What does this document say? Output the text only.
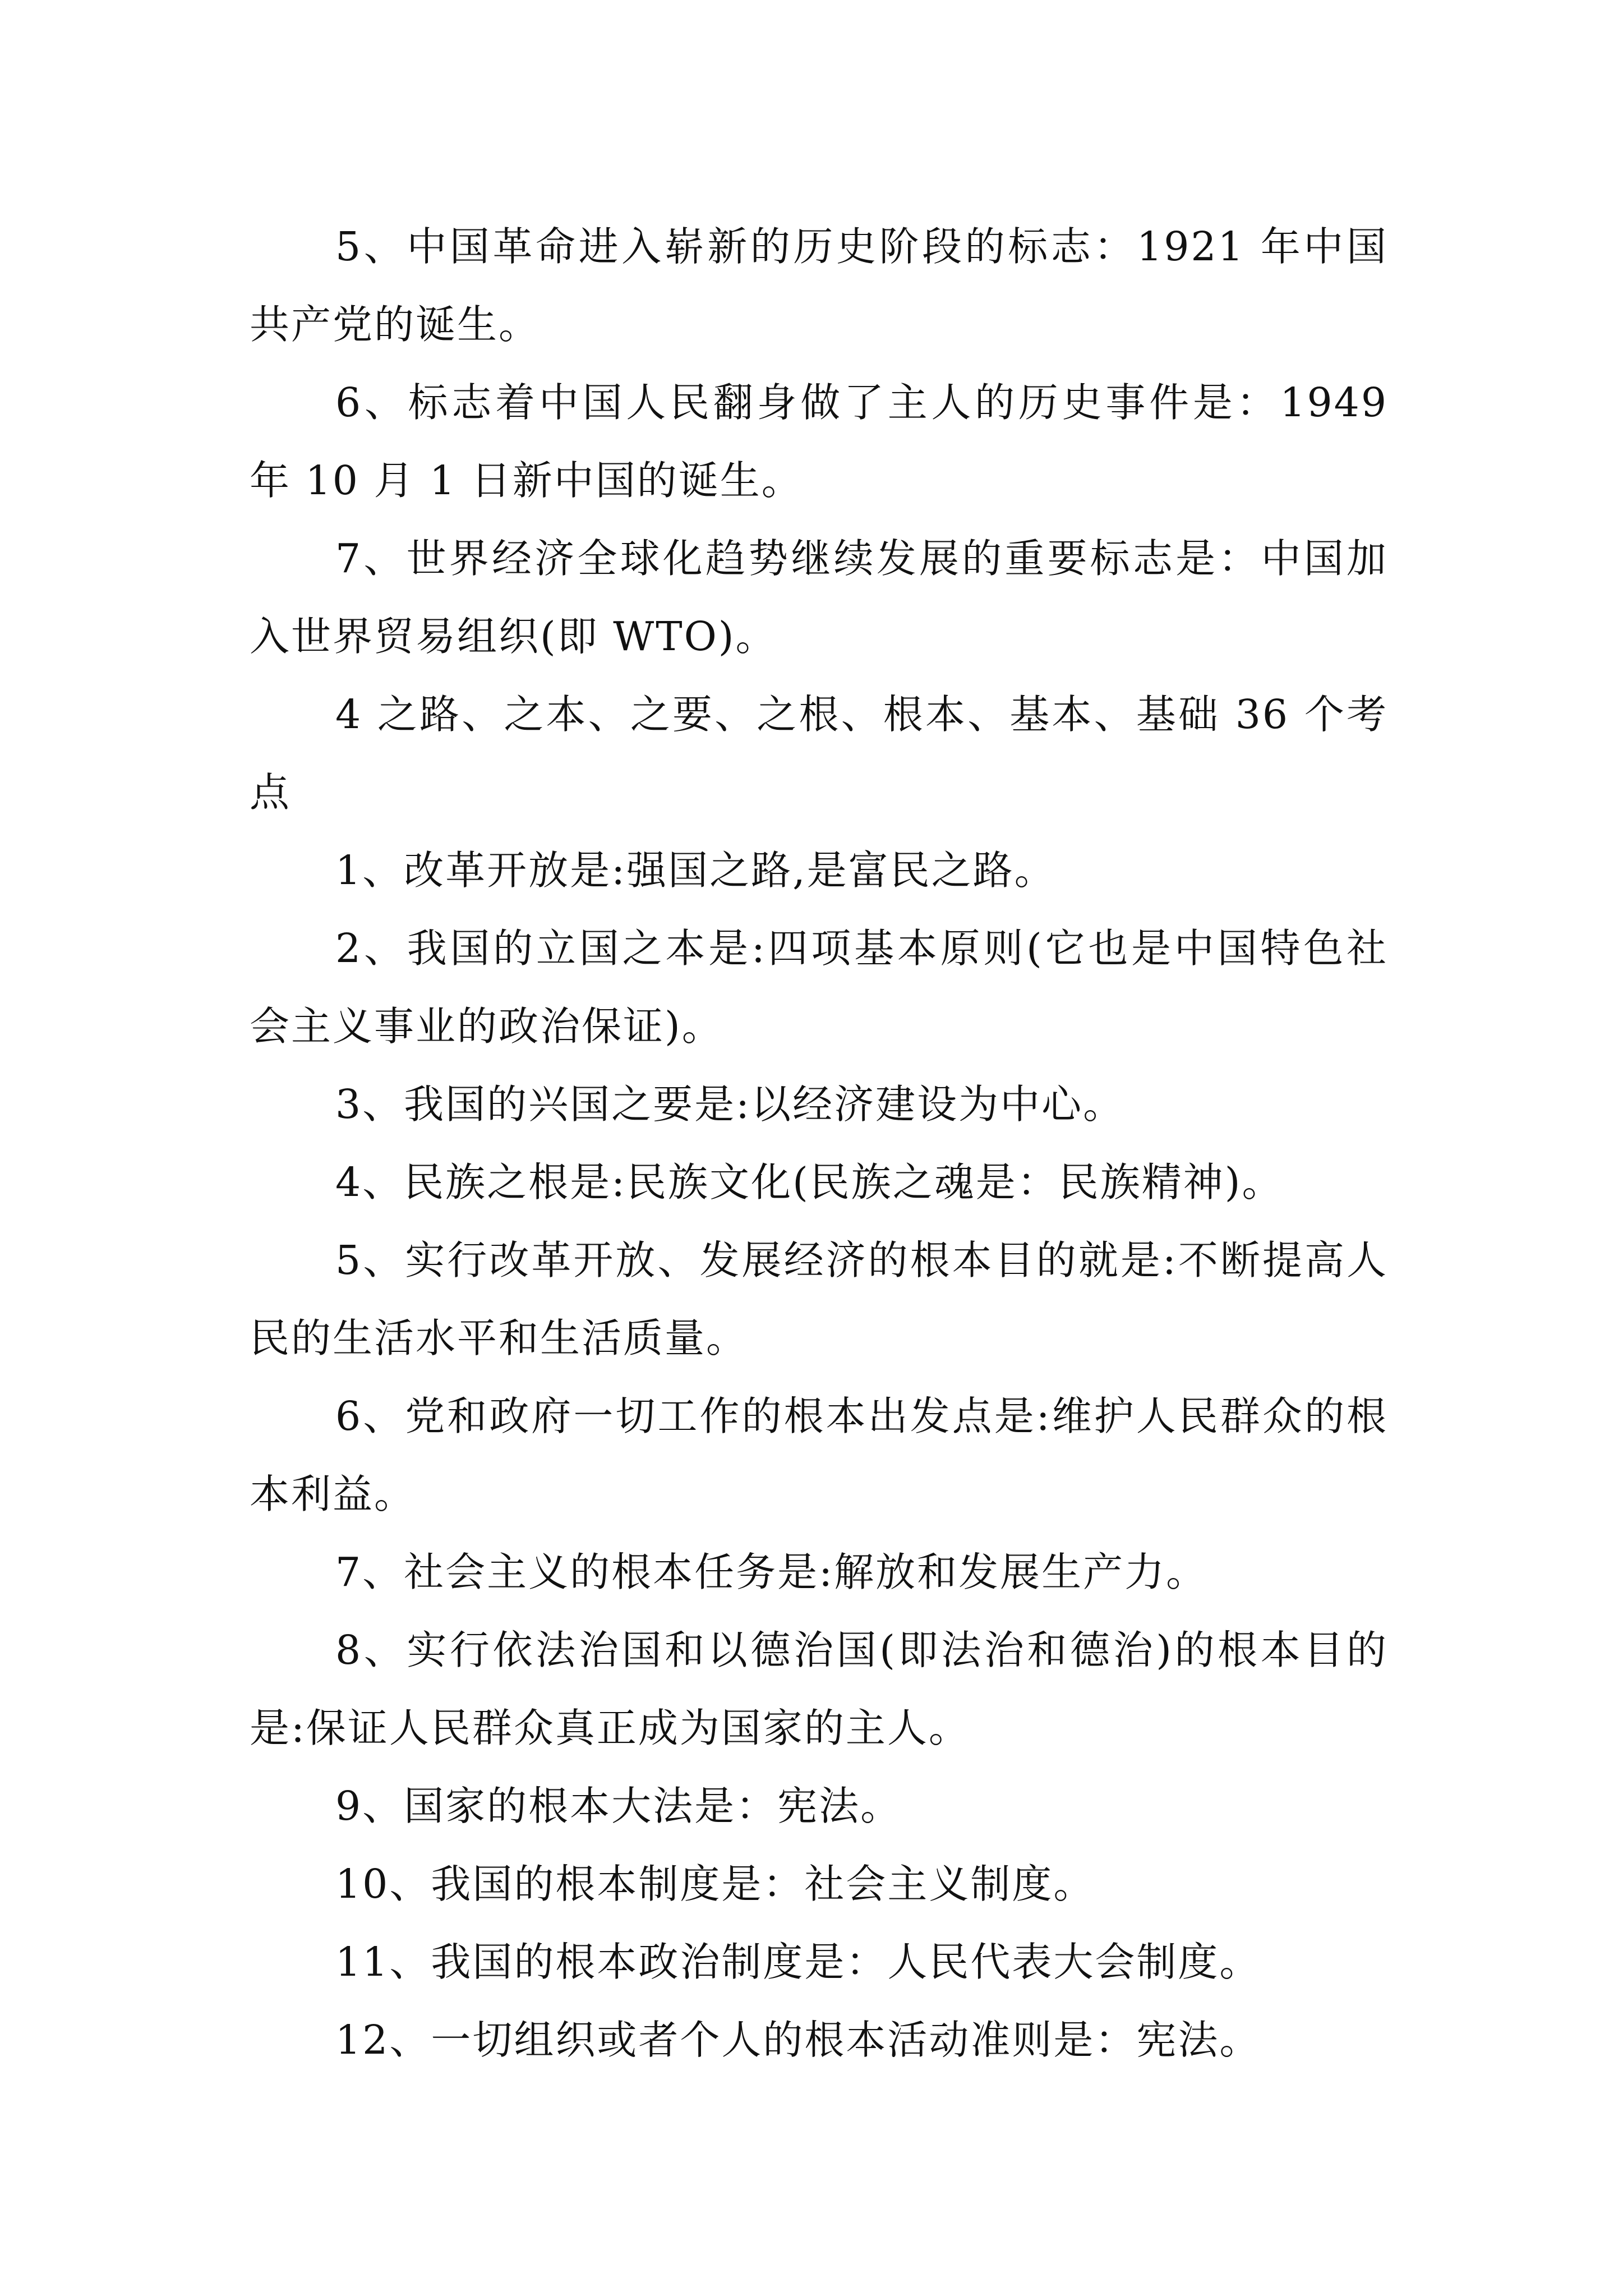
5、中国革命进入崭新的历史阶段的标志：1921 年中国共产党的诞生。

6、标志着中国人民翻身做了主人的历史事件是：1949 年 10 月 1 日新中国的诞生。

7、世界经济全球化趋势继续发展的重要标志是：中国加入世界贸易组织(即 WTO)。

4 之路、之本、之要、之根、根本、基本、基础 36 个考点

1、改革开放是:强国之路,是富民之路。

2、我国的立国之本是:四项基本原则(它也是中国特色社会主义事业的政治保证)。

3、我国的兴国之要是:以经济建设为中心。

4、民族之根是:民族文化(民族之魂是：民族精神)。

5、实行改革开放、发展经济的根本目的就是:不断提高人民的生活水平和生活质量。

6、党和政府一切工作的根本出发点是:维护人民群众的根本利益。

7、社会主义的根本任务是:解放和发展生产力。

8、实行依法治国和以德治国(即法治和德治)的根本目的是:保证人民群众真正成为国家的主人。

9、国家的根本大法是：宪法。

10、我国的根本制度是：社会主义制度。

11、我国的根本政治制度是：人民代表大会制度。

12、一切组织或者个人的根本活动准则是：宪法。
